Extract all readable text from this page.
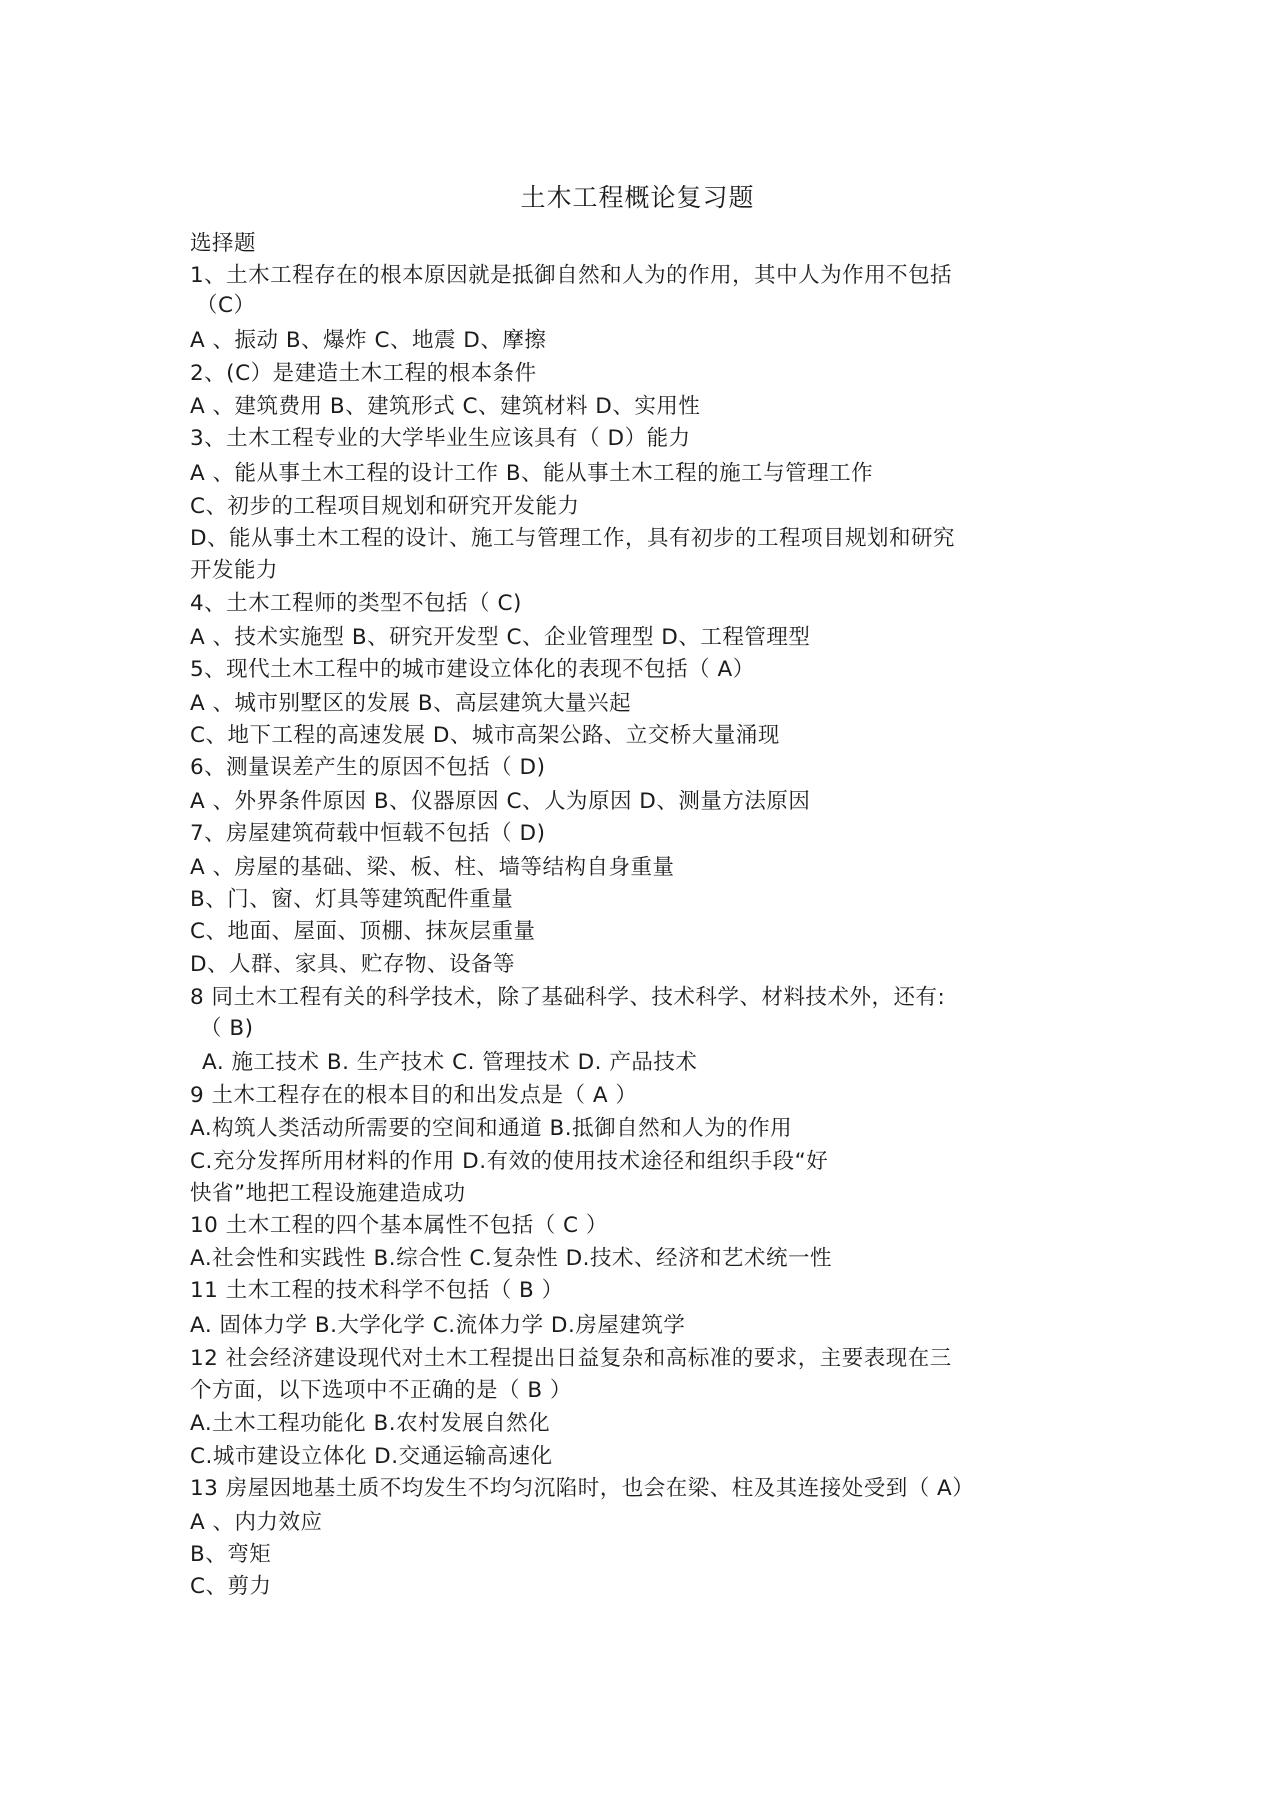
土木工程概论复习题
选择题
1、土木工程存在的根本原因就是抵御自然和人为的作用，其中人为作用不包括
（C）
A 、振动 B、爆炸 C、地震 D、摩擦
2、(C）是建造土木工程的根本条件
A 、建筑费用 B、建筑形式 C、建筑材料 D、实用性
3、土木工程专业的大学毕业生应该具有（ D）能力
A 、能从事土木工程的设计工作 B、能从事土木工程的施工与管理工作
C、初步的工程项目规划和研究开发能力
D、能从事土木工程的设计、施工与管理工作，具有初步的工程项目规划和研究
开发能力
4、土木工程师的类型不包括（ C)
A 、技术实施型 B、研究开发型 C、企业管理型 D、工程管理型
5、现代土木工程中的城市建设立体化的表现不包括（ A）
A 、城市别墅区的发展 B、高层建筑大量兴起
C、地下工程的高速发展 D、城市高架公路、立交桥大量涌现
6、测量误差产生的原因不包括（ D)
A 、外界条件原因 B、仪器原因 C、人为原因 D、测量方法原因
7、房屋建筑荷载中恒载不包括（ D)
A 、房屋的基础、梁、板、柱、墙等结构自身重量
B、门、窗、灯具等建筑配件重量
C、地面、屋面、顶棚、抹灰层重量
D、人群、家具、贮存物、设备等
8 同土木工程有关的科学技术，除了基础科学、技术科学、材料技术外，还有:
（ B)
A. 施工技术 B. 生产技术 C. 管理技术 D. 产品技术
9 土木工程存在的根本目的和出发点是（ A ）
A.构筑人类活动所需要的空间和通道 B.抵御自然和人为的作用
C.充分发挥所用材料的作用 D.有效的使用技术途径和组织手段“好
快省”地把工程设施建造成功
10 土木工程的四个基本属性不包括（ C ）
A.社会性和实践性 B.综合性 C.复杂性 D.技术、经济和艺术统一性
11 土木工程的技术科学不包括（ B ）
A. 固体力学 B.大学化学 C.流体力学 D.房屋建筑学
12 社会经济建设现代对土木工程提出日益复杂和高标准的要求，主要表现在三
个方面，以下选项中不正确的是（ B ）
A.土木工程功能化 B.农村发展自然化
C.城市建设立体化 D.交通运输高速化
13 房屋因地基土质不均发生不均匀沉陷时，也会在梁、柱及其连接处受到（ A）
A 、内力效应
B、弯矩
C、剪力
